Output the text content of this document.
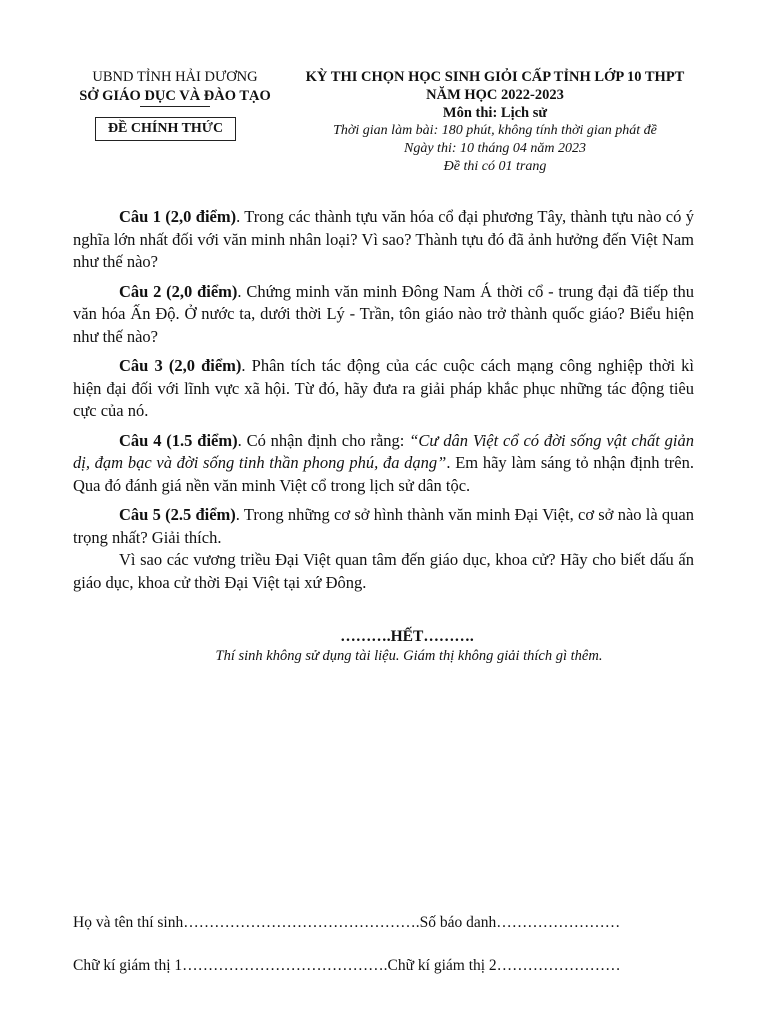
UBND TỈNH HẢI DƯƠNG
SỞ GIÁO DỤC VÀ ĐÀO TẠO
ĐỀ CHÍNH THỨC
KỲ THI CHỌN HỌC SINH GIỎI CẤP TỈNH LỚP 10 THPT
NĂM HỌC 2022-2023
Môn thi: Lịch sử
Thời gian làm bài: 180 phút, không tính thời gian phát đề
Ngày thi: 10 tháng 04 năm 2023
Đề thi có 01 trang

Câu 1 (2,0 điểm). Trong các thành tựu văn hóa cổ đại phương Tây, thành tựu nào có ý nghĩa lớn nhất đối với văn minh nhân loại? Vì sao? Thành tựu đó đã ảnh hưởng đến Việt Nam như thế nào?

Câu 2 (2,0 điểm). Chứng minh văn minh Đông Nam Á thời cổ - trung đại đã tiếp thu văn hóa Ấn Độ. Ở nước ta, dưới thời Lý - Trần, tôn giáo nào trở thành quốc giáo? Biểu hiện như thế nào?

Câu 3 (2,0 điểm). Phân tích tác động của các cuộc cách mạng công nghiệp thời kì hiện đại đối với lĩnh vực xã hội. Từ đó, hãy đưa ra giải pháp khắc phục những tác động tiêu cực của nó.

Câu 4 (1.5 điểm). Có nhận định cho rằng: “Cư dân Việt cổ có đời sống vật chất giản dị, đạm bạc và đời sống tinh thần phong phú, đa dạng”. Em hãy làm sáng tỏ nhận định trên. Qua đó đánh giá nền văn minh Việt cổ trong lịch sử dân tộc.

Câu 5 (2.5 điểm). Trong những cơ sở hình thành văn minh Đại Việt, cơ sở nào là quan trọng nhất? Giải thích.

Vì sao các vương triều Đại Việt quan tâm đến giáo dục, khoa cử? Hãy cho biết dấu ấn giáo dục, khoa cử thời Đại Việt tại xứ Đông.

……….HẾT……….
Thí sinh không sử dụng tài liệu. Giám thị không giải thích gì thêm.
Họ và tên thí sinh……………………………………….Số báo danh……………………
Chữ kí giám thị 1………………………………….Chữ kí giám thị 2……………………
